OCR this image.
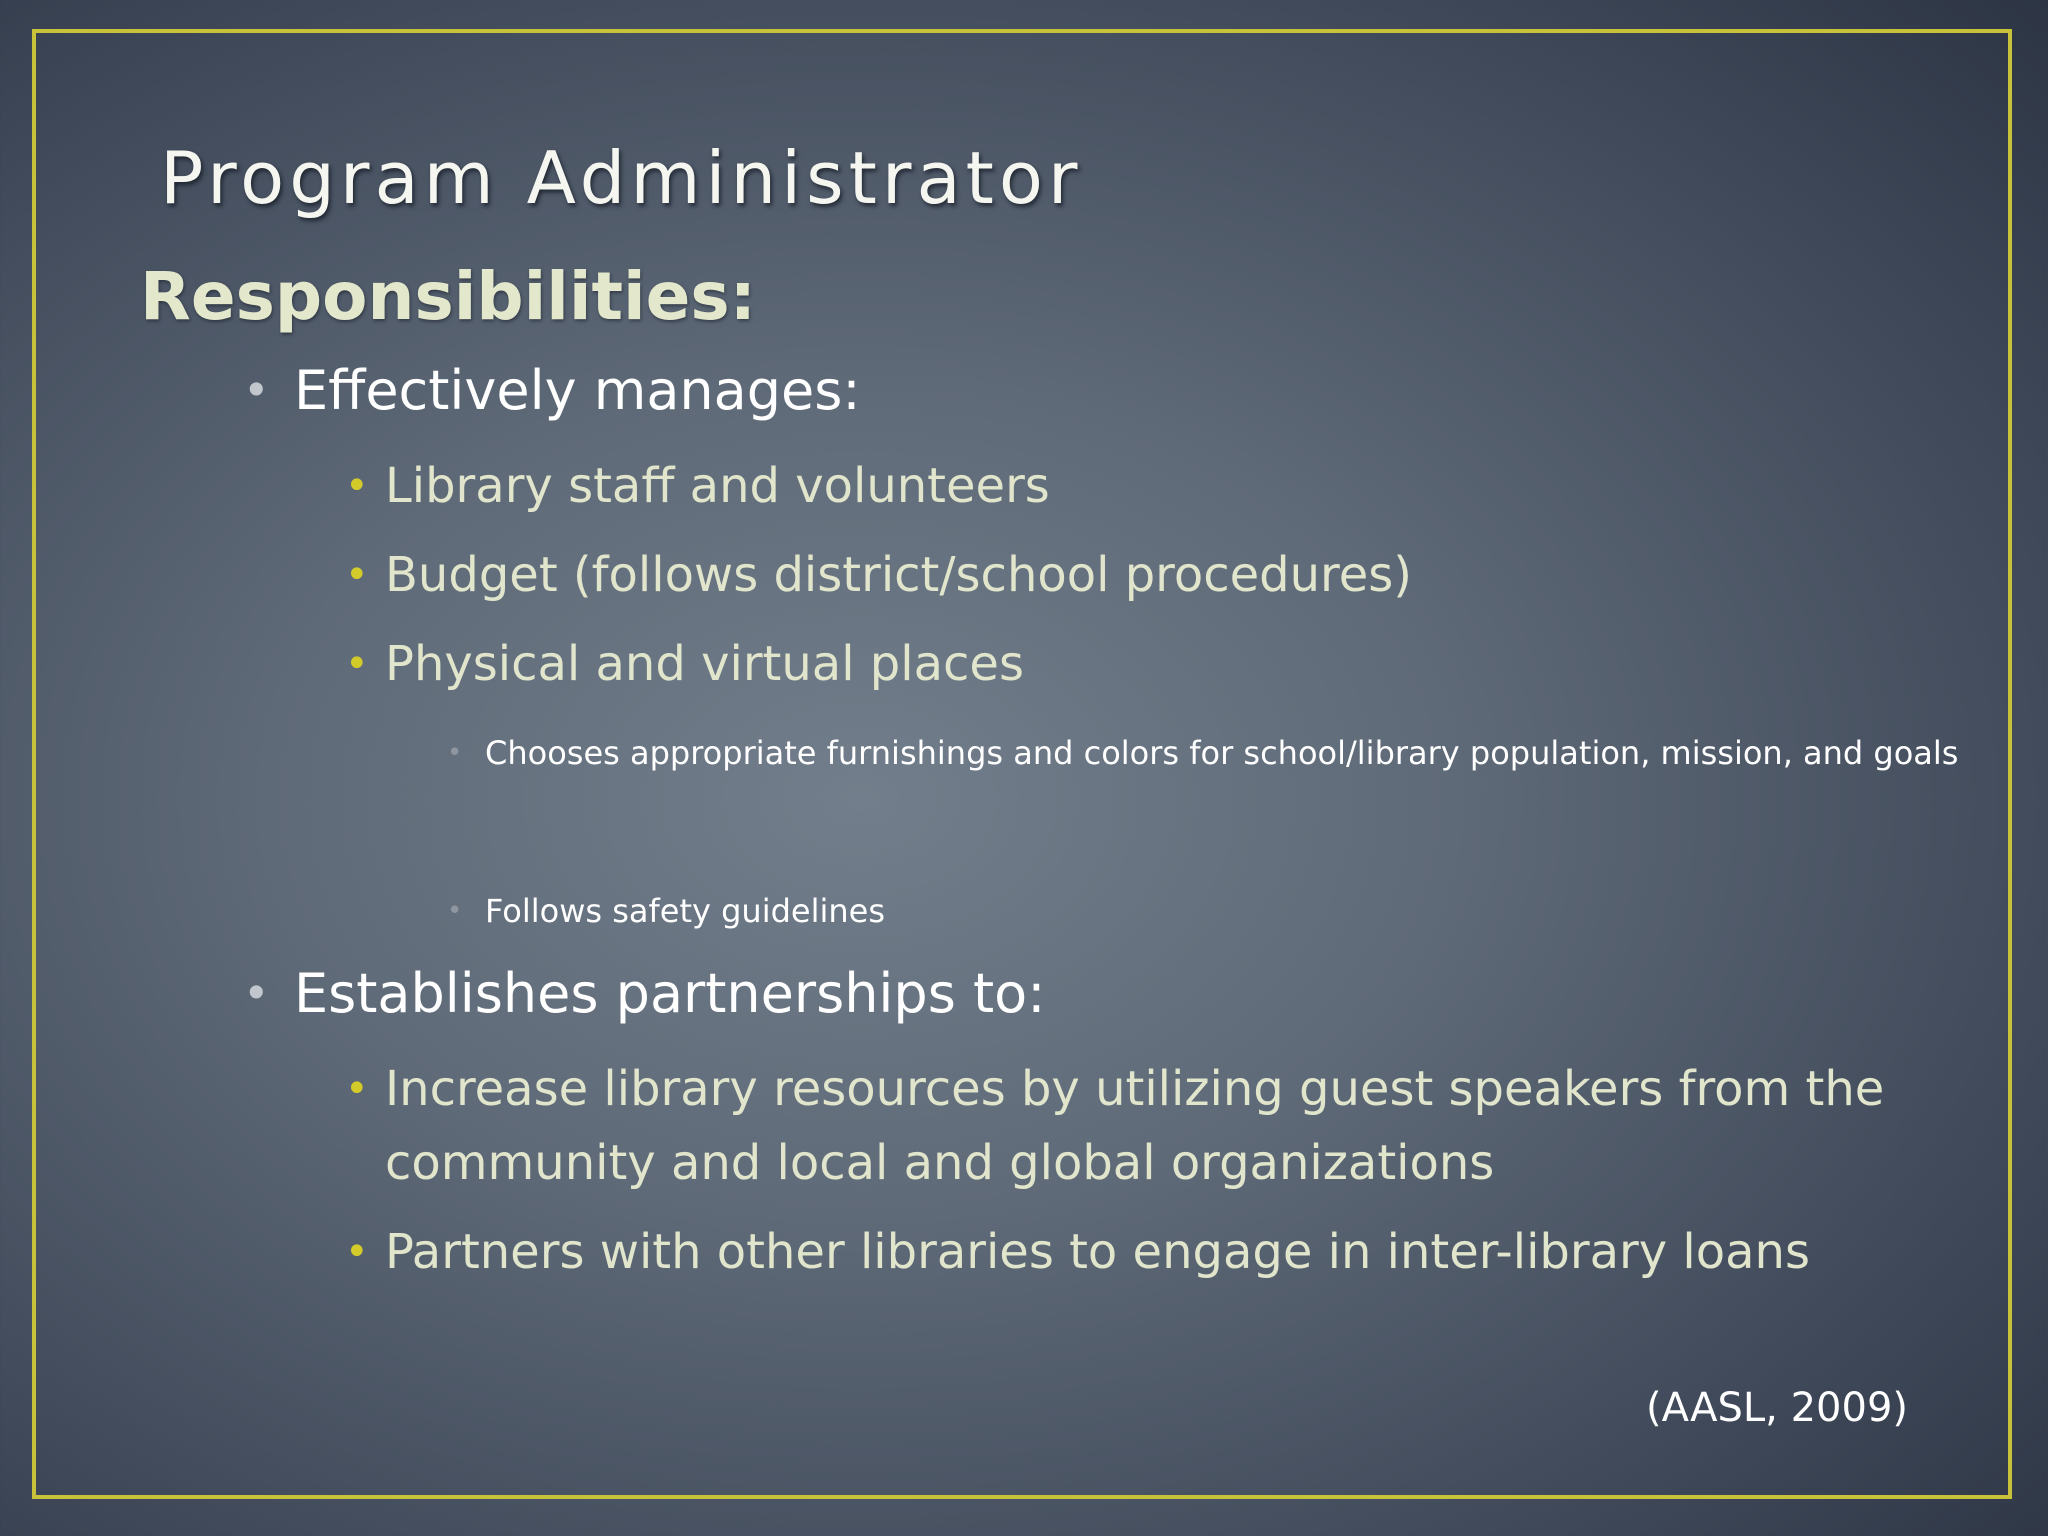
Program Administrator
Responsibilities:
• Effectively manages:
• Library staff and volunteers
• Budget (follows district/school procedures)
• Physical and virtual places
• Chooses appropriate furnishings and colors for school/library population, mission, and goals
• Follows safety guidelines
• Establishes partnerships to:
• Increase library resources by utilizing guest speakers from the community and local and global organizations
• Partners with other libraries to engage in inter-library loans

(AASL, 2009)
